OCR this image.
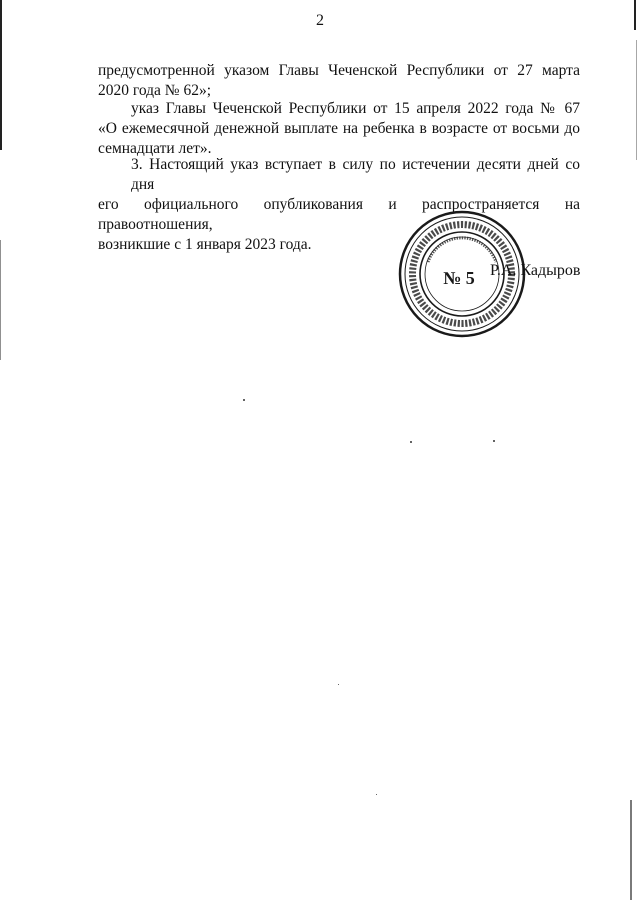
2
предусмотренной указом Главы Чеченской Республики от 27 марта
2020 года № 62»;
указ Главы Чеченской Республики от 15 апреля 2022 года № 67
«О ежемесячной денежной выплате на ребенка в возрасте от восьми до
семнадцати лет».
3. Настоящий указ вступает в силу по истечении десяти дней со дня
его официального опубликования и распространяется на правоотношения,
возникшие с 1 января 2023 года.
№ 5 Р.А. Кадыров
